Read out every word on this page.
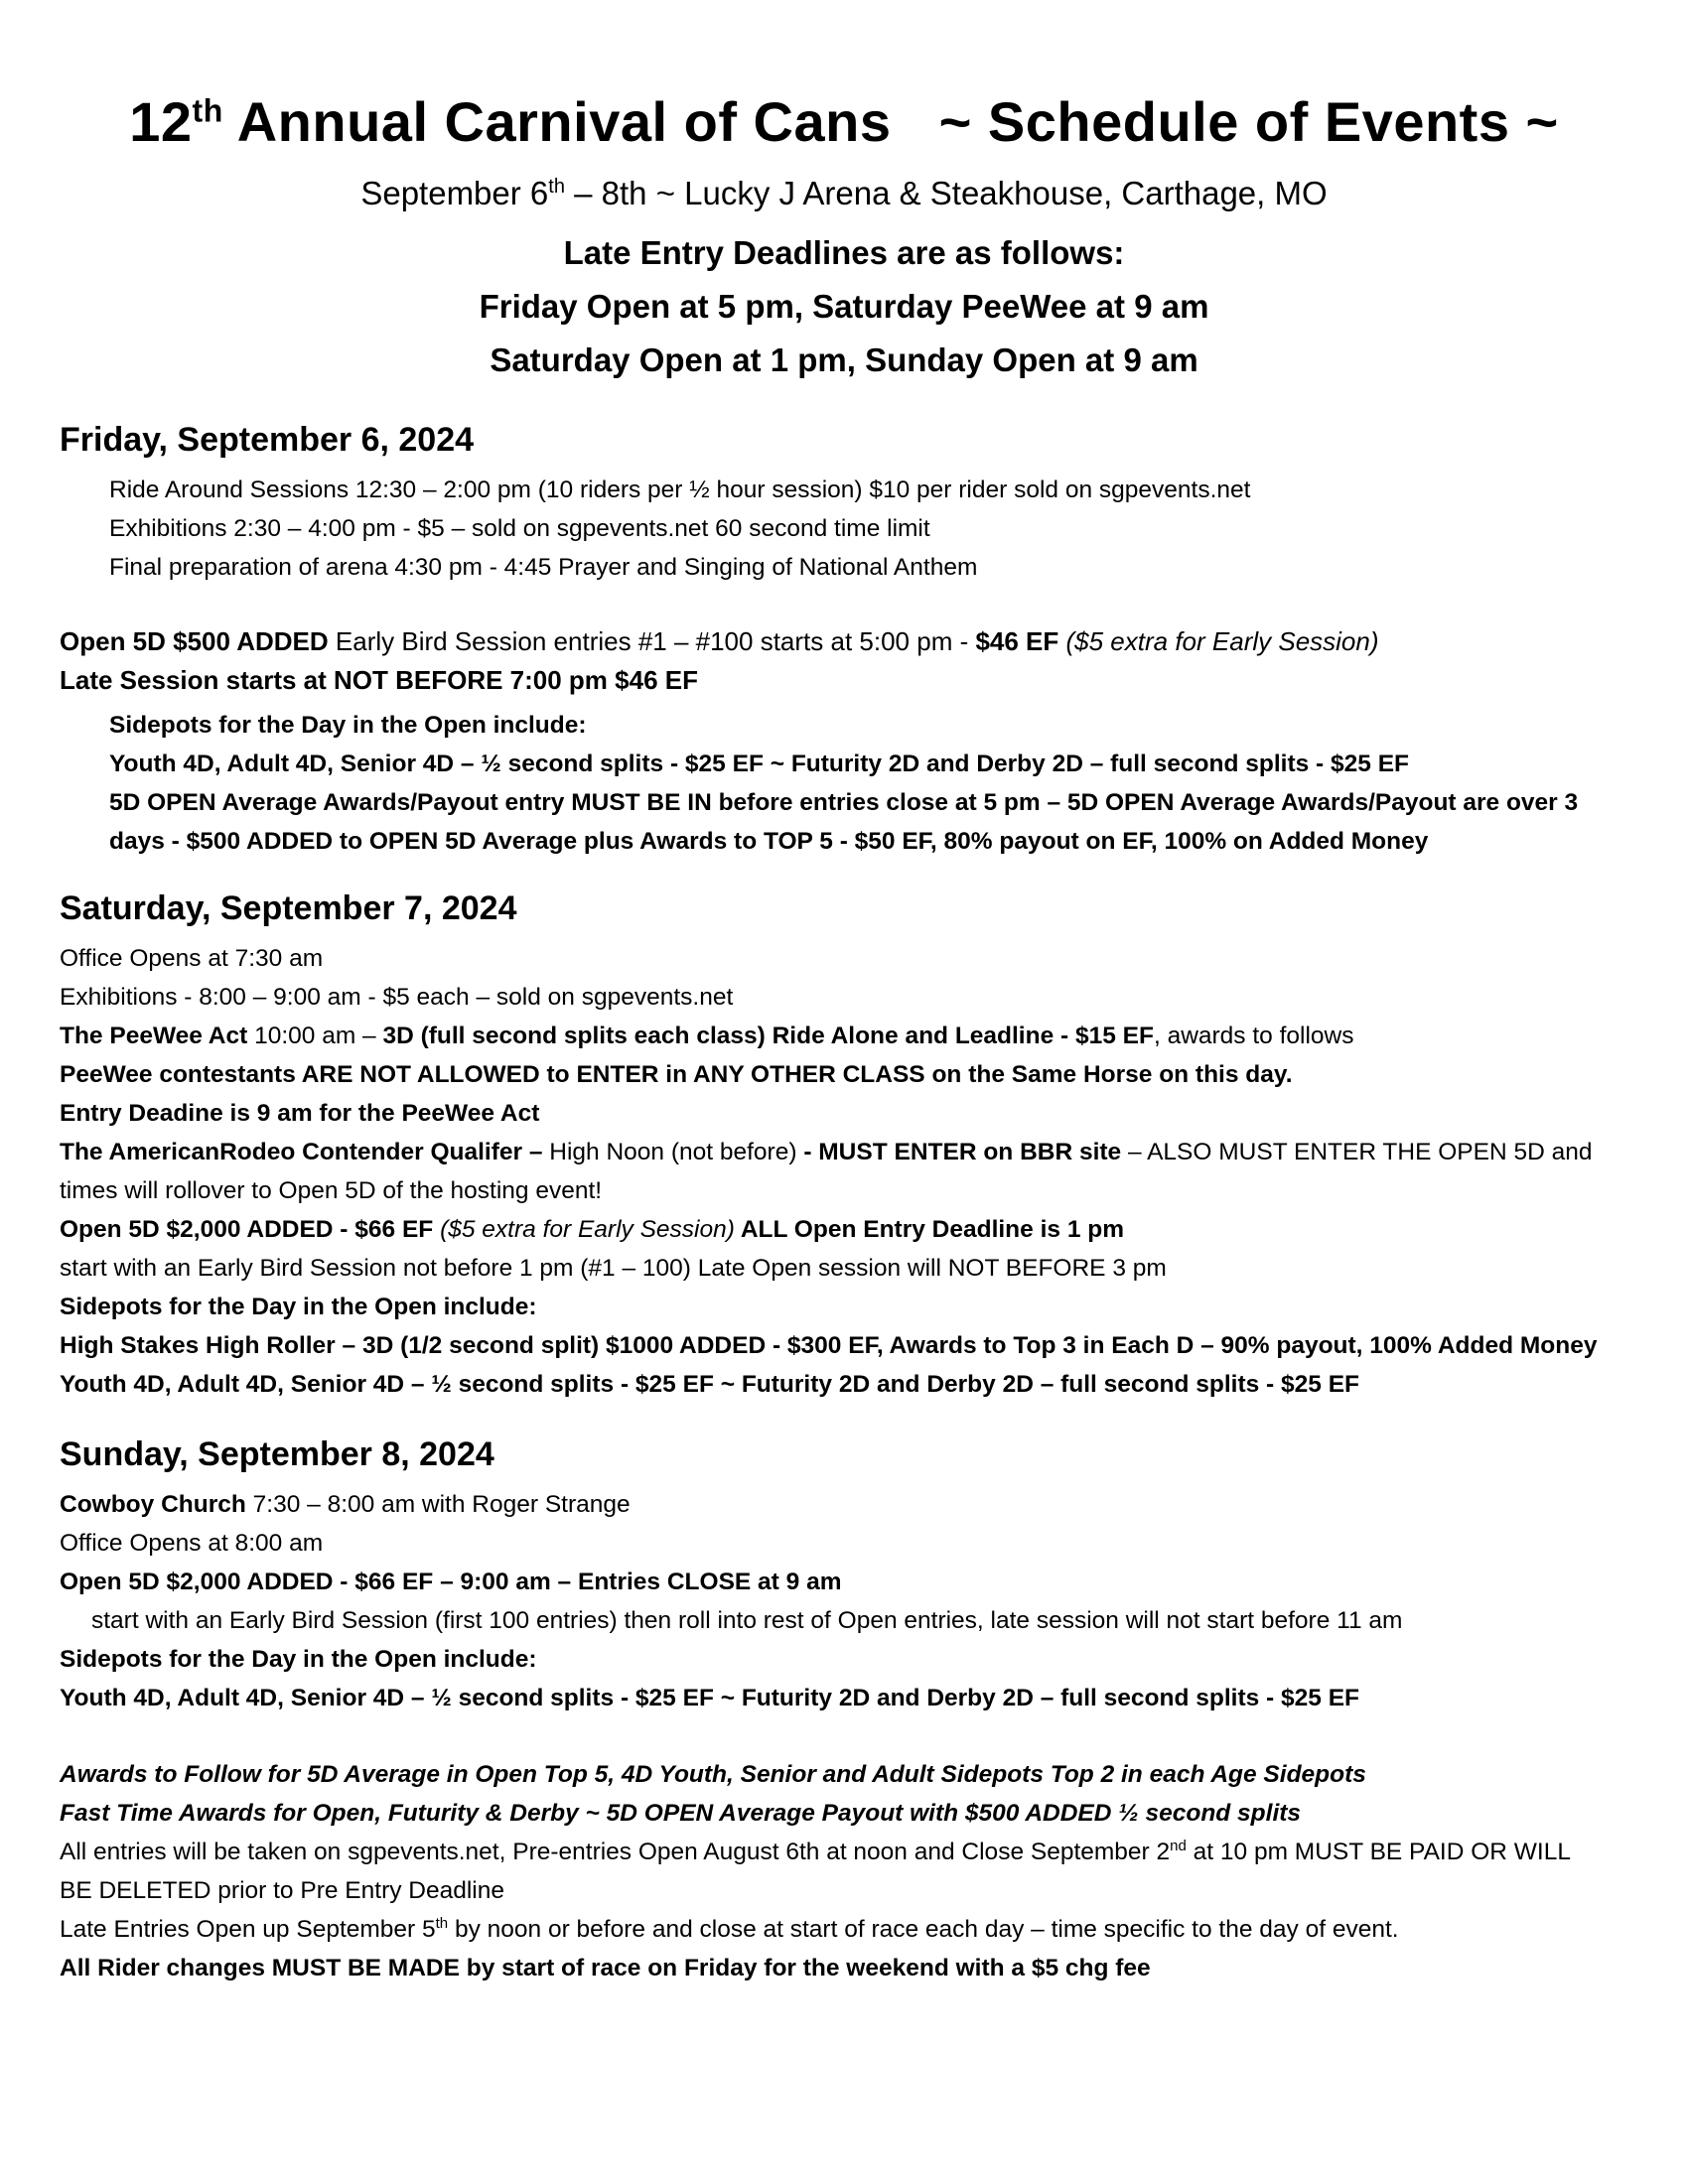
12th Annual Carnival of Cans   ~ Schedule of Events ~
September 6th – 8th ~ Lucky J Arena & Steakhouse, Carthage, MO
Late Entry Deadlines are as follows:
Friday Open at 5 pm, Saturday PeeWee at 9 am
Saturday Open at 1 pm, Sunday Open at 9 am
Friday, September 6, 2024
Ride Around Sessions 12:30 – 2:00 pm (10 riders per ½ hour session) $10 per rider sold on sgpevents.net
Exhibitions 2:30 – 4:00 pm - $5 – sold on sgpevents.net 60 second time limit
Final preparation of arena 4:30 pm - 4:45 Prayer and Singing of National Anthem
Open 5D $500 ADDED Early Bird Session entries #1 – #100 starts at 5:00 pm - $46 EF ($5 extra for Early Session)
Late Session starts at NOT BEFORE 7:00 pm $46 EF
Sidepots for the Day in the Open include:
Youth 4D, Adult 4D, Senior 4D – ½ second splits - $25 EF ~ Futurity 2D and Derby 2D – full second splits - $25 EF
5D OPEN Average Awards/Payout entry MUST BE IN before entries close at 5 pm – 5D OPEN Average Awards/Payout are over 3
days - $500 ADDED to OPEN 5D Average plus Awards to TOP 5 - $50 EF, 80% payout on EF, 100% on Added Money
Saturday, September 7, 2024
Office Opens at 7:30 am
Exhibitions - 8:00 – 9:00 am - $5 each – sold on sgpevents.net
The PeeWee Act 10:00 am – 3D (full second splits each class) Ride Alone and Leadline - $15 EF, awards to follows
PeeWee contestants ARE NOT ALLOWED to ENTER in ANY OTHER CLASS on the Same Horse on this day.
Entry Deadine is 9 am for the PeeWee Act
The AmericanRodeo Contender Qualifer – High Noon (not before) - MUST ENTER on BBR site – ALSO MUST ENTER THE OPEN 5D and
times will rollover to Open 5D of the hosting event!
Open 5D $2,000 ADDED - $66 EF ($5 extra for Early Session) ALL Open Entry Deadline is 1 pm
start with an Early Bird Session not before 1 pm (#1 – 100) Late Open session will NOT BEFORE 3 pm
Sidepots for the Day in the Open include:
High Stakes High Roller – 3D (1/2 second split) $1000 ADDED - $300 EF, Awards to Top 3 in Each D – 90% payout, 100% Added Money
Youth 4D, Adult 4D, Senior 4D – ½ second splits - $25 EF ~ Futurity 2D and Derby 2D – full second splits - $25 EF
Sunday, September 8, 2024
Cowboy Church 7:30 – 8:00 am with Roger Strange
Office Opens at 8:00 am
Open 5D $2,000 ADDED - $66 EF – 9:00 am – Entries CLOSE at 9 am
start with an Early Bird Session (first 100 entries) then roll into rest of Open entries, late session will not start before 11 am
Sidepots for the Day in the Open include:
Youth 4D, Adult 4D, Senior 4D – ½ second splits - $25 EF ~ Futurity 2D and Derby 2D – full second splits - $25 EF
Awards to Follow for 5D Average in Open Top 5, 4D Youth, Senior and Adult Sidepots Top 2 in each Age Sidepots
Fast Time Awards for Open, Futurity & Derby ~ 5D OPEN Average Payout with $500 ADDED ½ second splits
All entries will be taken on sgpevents.net, Pre-entries Open August 6th at noon and Close September 2nd at 10 pm MUST BE PAID OR WILL
BE DELETED prior to Pre Entry Deadline
Late Entries Open up September 5th by noon or before and close at start of race each day – time specific to the day of event.
All Rider changes MUST BE MADE by start of race on Friday for the weekend with a $5 chg fee
